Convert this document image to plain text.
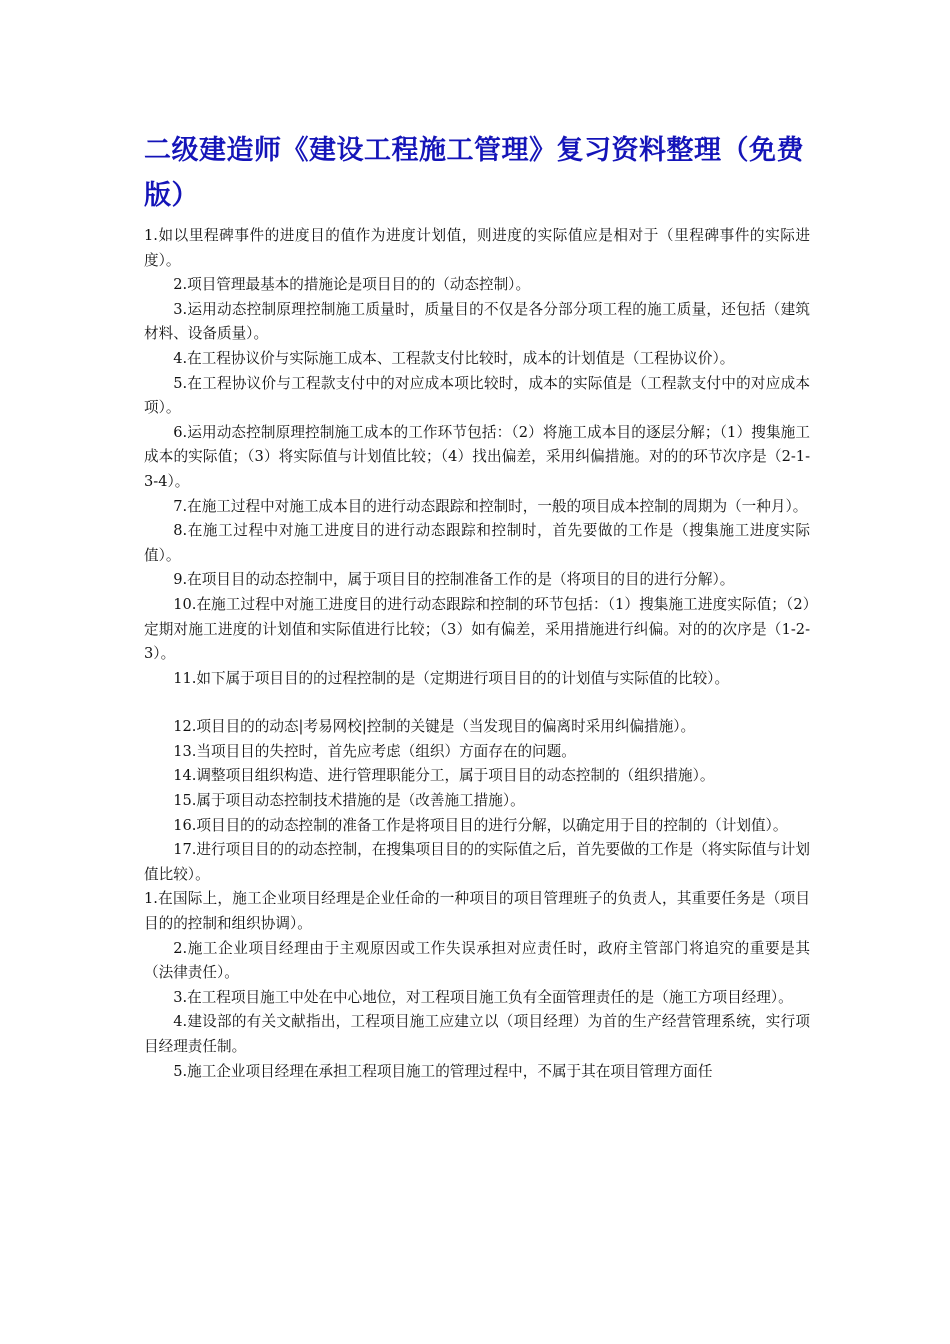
二级建造师《建设工程施工管理》复习资料整理（免费版）

1.如以里程碑事件的进度目的值作为进度计划值，则进度的实际值应是相对于（里程碑事件的实际进度）。

2.项目管理最基本的措施论是项目目的的（动态控制）。

3.运用动态控制原理控制施工质量时，质量目的不仅是各分部分项工程的施工质量，还包括（建筑材料、设备质量）。

4.在工程协议价与实际施工成本、工程款支付比较时，成本的计划值是（工程协议价）。

5.在工程协议价与工程款支付中的对应成本项比较时，成本的实际值是（工程款支付中的对应成本项）。

6.运用动态控制原理控制施工成本的工作环节包括：（2）将施工成本目的逐层分解；（1）搜集施工成本的实际值；（3）将实际值与计划值比较；（4）找出偏差，采用纠偏措施。对的的环节次序是（2-1-3-4）。

7.在施工过程中对施工成本目的进行动态跟踪和控制时，一般的项目成本控制的周期为（一种月）。

8.在施工过程中对施工进度目的进行动态跟踪和控制时，首先要做的工作是（搜集施工进度实际值）。

9.在项目目的动态控制中，属于项目目的控制准备工作的是（将项目的目的进行分解）。

10.在施工过程中对施工进度目的进行动态跟踪和控制的环节包括：（1）搜集施工进度实际值；（2）定期对施工进度的计划值和实际值进行比较；（3）如有偏差，采用措施进行纠偏。对的的次序是（1-2-3）。

11.如下属于项目目的的过程控制的是（定期进行项目目的的计划值与实际值的比较）。

12.项目目的的动态|考易网校|控制的关键是（当发现目的偏离时采用纠偏措施）。

13.当项目目的失控时，首先应考虑（组织）方面存在的问题。

14.调整项目组织构造、进行管理职能分工，属于项目目的动态控制的（组织措施）。

15.属于项目动态控制技术措施的是（改善施工措施）。

16.项目目的的动态控制的准备工作是将项目目的进行分解，以确定用于目的控制的（计划值）。

17.进行项目目的的动态控制，在搜集项目目的的实际值之后，首先要做的工作是（将实际值与计划值比较）。

1.在国际上，施工企业项目经理是企业任命的一种项目的项目管理班子的负责人，其重要任务是（项目目的的控制和组织协调）。

2.施工企业项目经理由于主观原因或工作失误承担对应责任时，政府主管部门将追究的重要是其（法律责任）。

3.在工程项目施工中处在中心地位，对工程项目施工负有全面管理责任的是（施工方项目经理）。

4.建设部的有关文献指出，工程项目施工应建立以（项目经理）为首的生产经营管理系统，实行项目经理责任制。

5.施工企业项目经理在承担工程项目施工的管理过程中，不属于其在项目管理方面任
